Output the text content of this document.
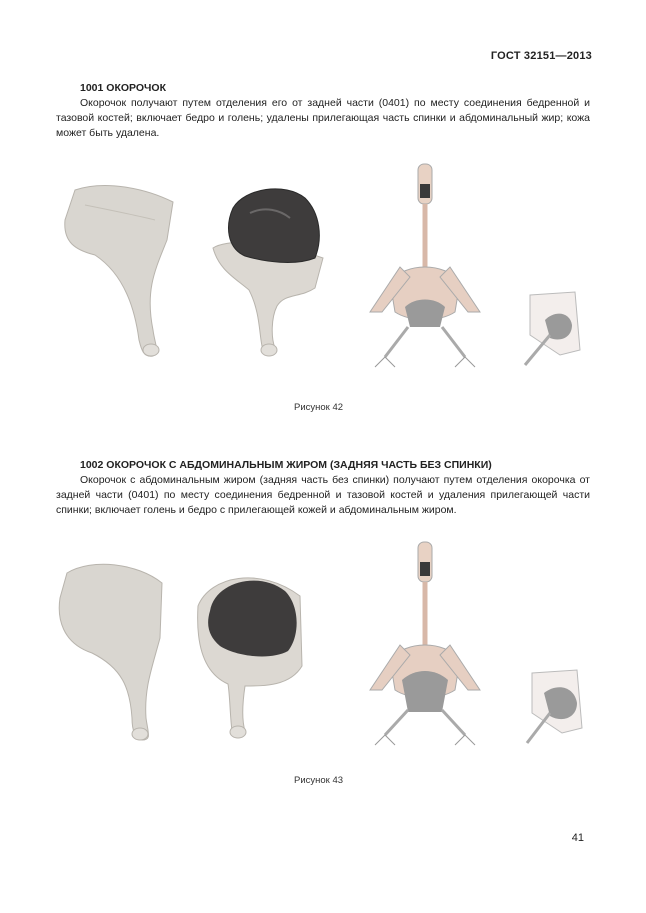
ГОСТ 32151—2013
1001 ОКОРОЧОК
Окорочок получают путем отделения его от задней части (0401) по месту соединения бедренной и тазовой костей; включает бедро и голень; удалены прилегающая часть спинки и абдоминальный жир; кожа может быть удалена.
Рисунок 42
1002 ОКОРОЧОК С АБДОМИНАЛЬНЫМ ЖИРОМ (ЗАДНЯЯ ЧАСТЬ БЕЗ СПИНКИ)
Окорочок с абдоминальным жиром (задняя часть без спинки) получают путем отделения окорочка от задней части (0401) по месту соединения бедренной и тазовой костей и удаления прилегающей части спинки; включает голень и бедро с прилегающей кожей и абдоминальным жиром.
Рисунок 43
41
